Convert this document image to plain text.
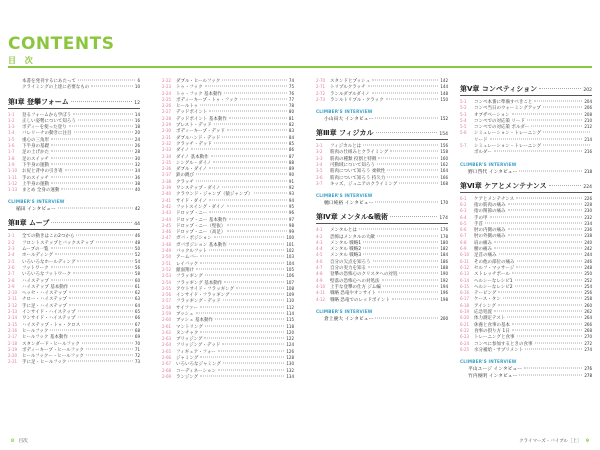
CONTENTS
目 次
本書を発刊するにあたって	6
クライミングの上達に必要なもの	10
第Ⅰ章 登攀フォーム	12
1-1	登るフォームから学ぼう	14
1-2	正しい姿勢について知ろう	16
1-3	ボディーを使った登り	18
1-4	バレリーナの動きに注目	20
1-5	重心の三角形	24
1-6	下半身の基礎	26
1-7	足の上げかた	28
1-8	足のスイッチ	30
1-9	下半身の運動	32
1-10	お尻と背中の引き寄	34
1-11	手のスイッチ	36
1-12	上半身の運動	38
1-13	まとめ 全身の運動	40
CLIMBER'S INTERVIEW
稲田 インタビュー	42
第Ⅱ章 ムーブ	44
2-1	全ての動きはこの2つから	46
2-2	フロントステップとバックステップ	48
2-3	ムーブの一覧	50
2-4	ホールディング	52
2-5	いろいろなホールディング	54
2-6	フットワーク	56
2-7	いろいろなフットワーク	58
2-8	ハイステップ	60
2-9	ハイステップ 基本動作	61
2-10	ヘッセ・ハイステップ	62
2-11	ナロー・ハイステップ	63
2-12	手に足・ハイステップ	64
2-13	インサイド・ハイステップ	65
2-14	ワンサイド・ハイステップ	66
2-15	ハイステップ・トゥ・クロス	67
2-16	ヒールフック	68
2-17	ヒールフック 基本動作	69
2-18	スタンダード・ヒールフック	70
2-19	ボディーキープ・ヒールフック	71
2-20	ヒールフックー・ヒールフック	72
2-21	手に足・ヒールフック	73
2-22	ダブル・ヒールフック	74
2-23	トゥ・フック	75
2-24	トゥ・フック 基本動作	76
2-25	ボディーキープ・トゥ・フック	77
2-26	ヒールトゥ	78
2-27	デッドポイント	80
2-28	デッドポイント 基本動作	81
2-29	プレスト・デッド	82
2-30	ボディーキープ・デッド	83
2-31	ダブルハンド・デッド	84
2-32	クラッチ・デッド	85
2-33	ダイノ	86
2-34	ダイノ 基本動作	87
2-35	シングル・ダイノ	88
2-36	ダブル・ダイノ	89
2-37	鉄の跳び	90
2-38	クラッチ	91
2-39	ワンステップ・ダイノ	92
2-40	クラウンド・ジャンプ（猿ジャンプ）	93
2-41	サイド・ダイノ	94
2-42	フットスイング・ダイノ	95
2-43	ドロップ・ニー	96
2-44	ドロップ・ニー 基本動作	97
2-45	ドロップ・ニー（壁抜）	98
2-46	ドロップ・ニー（高足）	99
2-47	ガバ・ポジション	100
2-48	ガバポジション 基本動作	101
2-49	バックルフット	102
2-50	アームバー	103
2-51	レイバック	104
2-52	顔面翔け	105
2-53	フラッギング	106
2-54	フラッギング 基本動作	107
2-55	アウトサイド・フラッギング	108
2-56	インサイド・フラッギング	109
2-57	フラッギング・デッド	110
2-58	サイファー	112
2-59	ブッシュ	114
2-60	ブッシュ 基本動作	115
2-61	マントリング	118
2-62	ヌンチャク	120
2-63	ブリッジング	122
2-64	フリッジング・デッド	124
2-65	フィギュア・フォー	126
2-66	ジャミング	128
2-67	いろいろなジャミング	130
2-68	コーディネーション	132
2-69	ランジング	134
2-70	スタンドとプッシュ	142
2-71	トリプルクラッチ	144
2-72	ランルダブルダイノ	148
2-73	ランルトリプル・クラック	150
CLIMBER'S INTERVIEW
小山田大 インタビュー	152
第Ⅲ章 フィジカル	154
3-1	フィジカルとは	156
3-2	筋肉の仕組みとクライミング	158
3-3	筋肉の種類 役割と特徴	160
3-4	可動域について知ろう	162
3-5	筋肉について知ろう 柔軟性	164
3-6	筋肉について知ろう 持久力	166
3-7	キッズ、ジュニアのクライミング	168
CLIMBER'S INTERVIEW
樋口純裕 インタビュー	170
第Ⅳ章 メンタル&戦術	174
4-1	メンタルとは	176
4-2	恐怖はメンタルの大敵	178
4-3	メンタル 戦略1	180
4-4	メンタル 戦略2	182
4-5	メンタル 戦略3	184
4-6	自分の欠点を知ろう	186
4-7	自分の実力を知る	188
4-8	登攀の恐怖心のクリスタへの対処	190
4-9	壁落の恐怖心への対処法	192
4-10	上手な登攀の仕方 ジム編	194
4-11	戦略 恐竜やオンサイト	196
4-12	戦略 恐竜でのレッドポイント	198
CLIMBER'S INTERVIEW
倉上慶大 インタビュー	200
第Ⅴ章 コンペティション	202
5-1	コンペ本番に準備すべきこと	204
5-2	コンペ当日のウォーミングアップ	206
5-3	オブザベーション	208
5-4	コンペでの対応策 リード	210
5-5	コンペでの対応策 ボルダー	212
5-6	シミュレーション・トレーニング
リード	214
5-7	シミュレーション・トレーニング
ボルダー	216
CLIMBER'S INTERVIEW
野口啓代 インタビュー	218
第Ⅵ章 ケアとメンテナンス	224
6-1	ケアとメンテナンス	226
6-2	指の筋肉の痛み	228
6-3	指の関節の痛み	230
6-4	手の甲	232
6-5	手首	234
6-6	肘の内側の痛み	236
6-7	肘の外側の痛み	238
6-8	肩の痛み	240
6-9	腰の痛み	242
6-10	足首の痛み	244
6-11	その他の部位の痛み	246
6-12	セルフ・マッサージ	248
6-13	ストレッチポール	250
6-14	ヘルシーなレシピ1	252
6-15	ヘルシーなレシピ2	254
6-16	テーピング	256
6-17	ケース・タン	258
6-18	アイシング	260
6-19	応急処置	262
6-20	体力測定テスト	264
6-21	休養と食事の基本	266
6-22	食事の摂り方 1日	268
6-23	トレーニングと食事	270
6-24	コンペに参加するときの食事	272
6-25	水分補給・サプリメント	274
CLIMBER'S INTERVIEW
平山ユージ インタビュー	276
竹内俊明 インタビュー	278
8 目次	クライマーズ・バイブル［上］ 9
